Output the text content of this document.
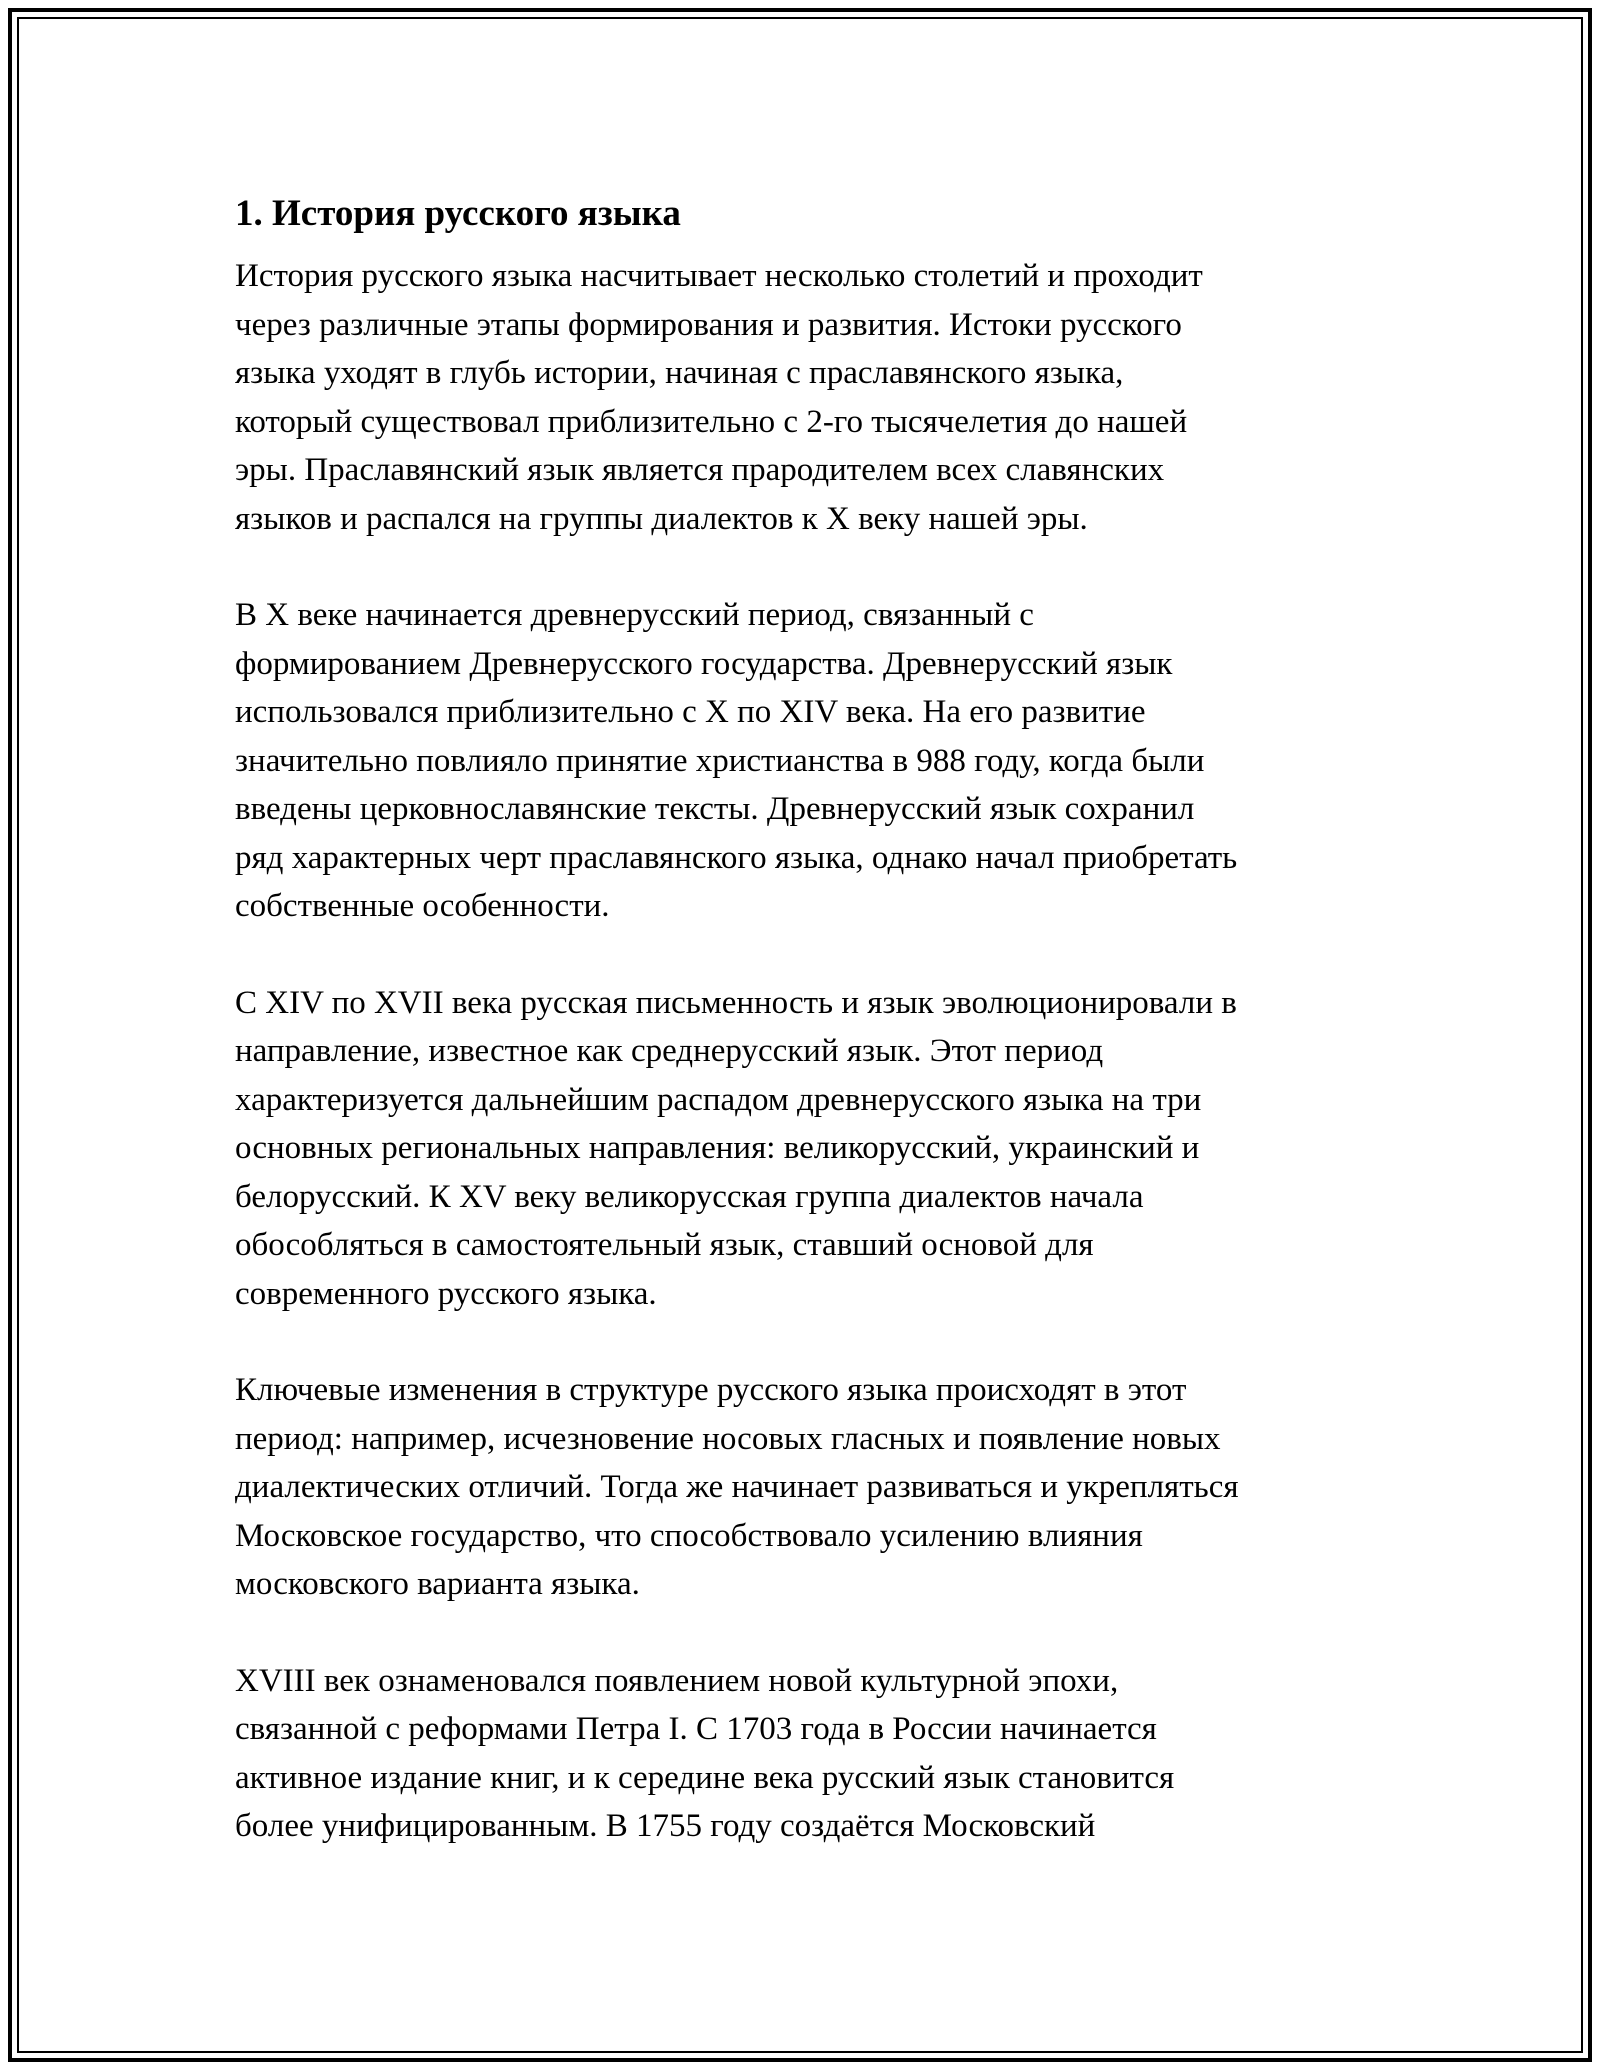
1. История русского языка

История русского языка насчитывает несколько столетий и проходит
через различные этапы формирования и развития. Истоки русского
языка уходят в глубь истории, начиная с праславянского языка,
который существовал приблизительно с 2-го тысячелетия до нашей
эры. Праславянский язык является прародителем всех славянских
языков и распался на группы диалектов к X веку нашей эры.

В X веке начинается древнерусский период, связанный с
формированием Древнерусского государства. Древнерусский язык
использовался приблизительно с X по XIV века. На его развитие
значительно повлияло принятие христианства в 988 году, когда были
введены церковнославянские тексты. Древнерусский язык сохранил
ряд характерных черт праславянского языка, однако начал приобретать
собственные особенности.

С XIV по XVII века русская письменность и язык эволюционировали в
направление, известное как среднерусский язык. Этот период
характеризуется дальнейшим распадом древнерусского языка на три
основных региональных направления: великорусский, украинский и
белорусский. К XV веку великорусская группа диалектов начала
обособляться в самостоятельный язык, ставший основой для
современного русского языка.

Ключевые изменения в структуре русского языка происходят в этот
период: например, исчезновение носовых гласных и появление новых
диалектических отличий. Тогда же начинает развиваться и укрепляться
Московское государство, что способствовало усилению влияния
московского варианта языка.

XVIII век ознаменовался появлением новой культурной эпохи,
связанной с реформами Петра I. С 1703 года в России начинается
активное издание книг, и к середине века русский язык становится
более унифицированным. В 1755 году создаётся Московский
